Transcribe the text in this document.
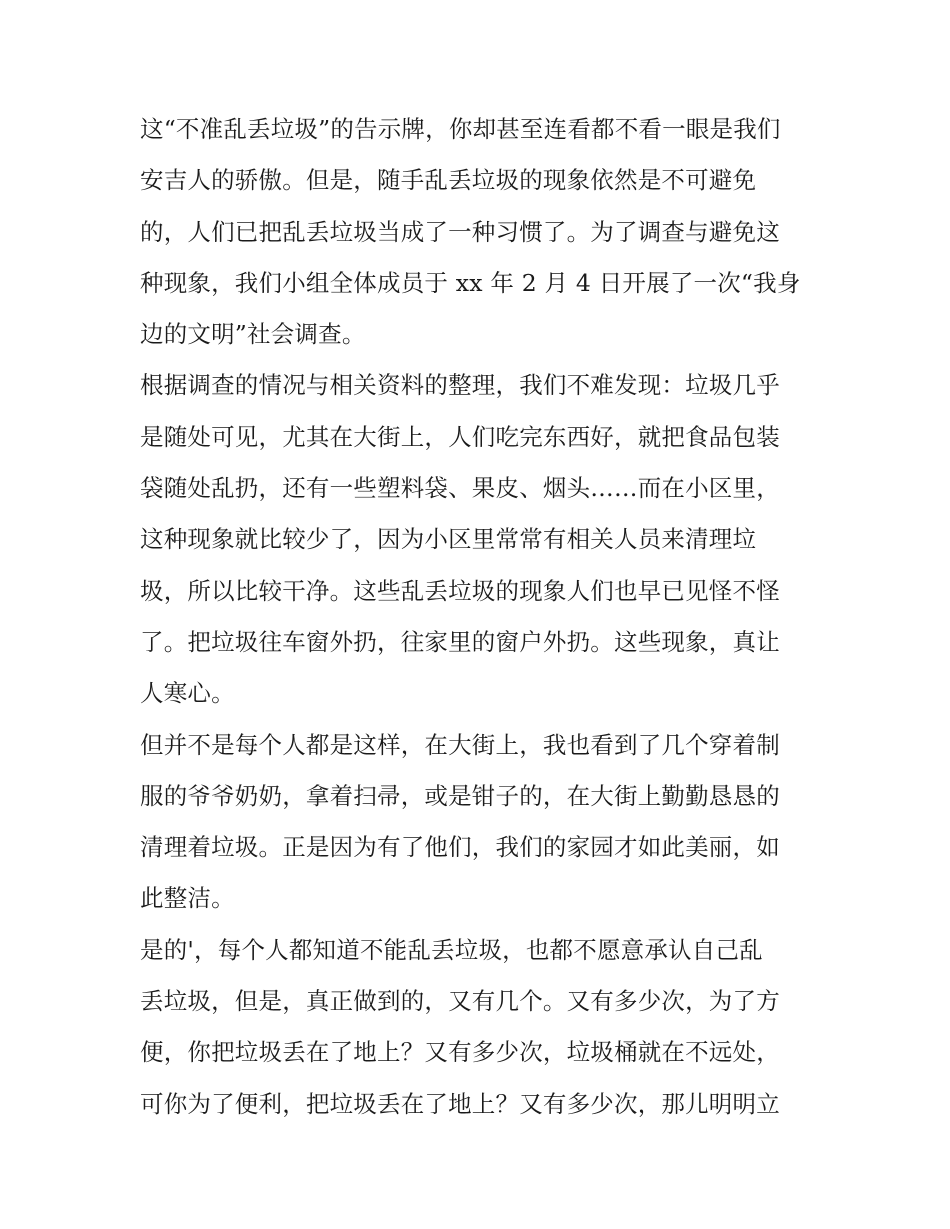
这“不准乱丢垃圾”的告示牌，你却甚至连看都不看一眼是我们
安吉人的骄傲。但是，随手乱丢垃圾的现象依然是不可避免
的，人们已把乱丢垃圾当成了一种习惯了。为了调查与避免这
种现象，我们小组全体成员于 xx 年 2 月 4 日开展了一次“我身
边的文明”社会调查。
根据调查的情况与相关资料的整理，我们不难发现：垃圾几乎
是随处可见，尤其在大街上，人们吃完东西好，就把食品包装
袋随处乱扔，还有一些塑料袋、果皮、烟头……而在小区里，
这种现象就比较少了，因为小区里常常有相关人员来清理垃
圾，所以比较干净。这些乱丢垃圾的现象人们也早已见怪不怪
了。把垃圾往车窗外扔，往家里的窗户外扔。这些现象，真让
人寒心。
但并不是每个人都是这样，在大街上，我也看到了几个穿着制
服的爷爷奶奶，拿着扫帚，或是钳子的，在大街上勤勤恳恳的
清理着垃圾。正是因为有了他们，我们的家园才如此美丽，如
此整洁。
是的'，每个人都知道不能乱丢垃圾，也都不愿意承认自己乱
丢垃圾，但是，真正做到的，又有几个。又有多少次，为了方
便，你把垃圾丢在了地上？又有多少次，垃圾桶就在不远处，
可你为了便利，把垃圾丢在了地上？又有多少次，那儿明明立
